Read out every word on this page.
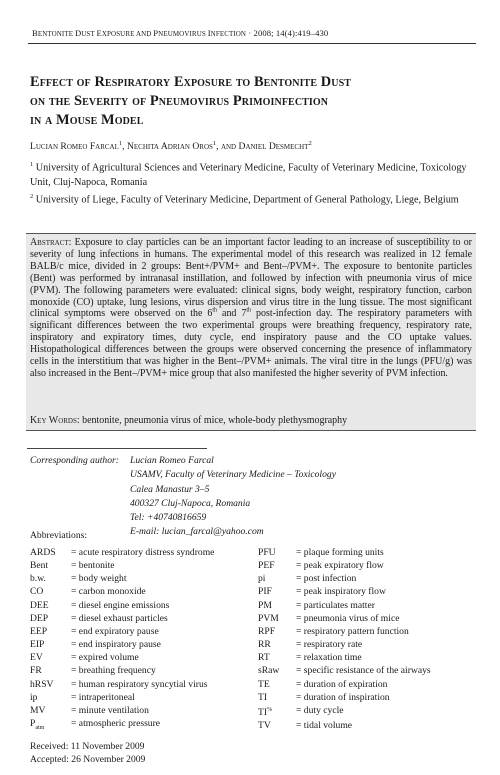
BENTONITE DUST EXPOSURE AND PNEUMOVIRUS INFECTION · 2008; 14(4):419–430
Effect of Respiratory Exposure to Bentonite Dust
on the Severity of Pneumovirus Primoinfection
in a Mouse Model
Lucian Romeo Farcal$^1$, Nechita Adrian Oros$^1$, and Daniel Desmecht$^2$
$^1$ University of Agricultural Sciences and Veterinary Medicine, Faculty of Veterinary Medicine, Toxicology Unit, Cluj-Napoca, Romania
$^2$ University of Liege, Faculty of Veterinary Medicine, Department of General Pathology, Liege, Belgium
Abstract: Exposure to clay particles can be an important factor leading to an increase of susceptibility to or severity of lung infections in humans. The experimental model of this research was realized in 12 female BALB/c mice, divided in 2 groups: Bent+/PVM+ and Bent–/PVM+. The exposure to bentonite particles (Bent) was performed by intranasal instillation, and followed by infection with pneumonia virus of mice (PVM). The following parameters were evaluated: clinical signs, body weight, respiratory function, carbon monoxide (CO) uptake, lung lesions, virus dispersion and virus titre in the lung tissue. The most significant clinical symptoms were observed on the 6th and 7th post-infection day. The respiratory parameters with significant differences between the two experimental groups were breathing frequency, respiratory rate, inspiratory and expiratory times, duty cycle, end inspiratory pause and the CO uptake values. Histopathological differences between the groups were observed concerning the presence of inflammatory cells in the interstitium that was higher in the Bent–/PVM+ animals. The viral titre in the lungs (PFU/g) was also increased in the Bent–/PVM+ mice group that also manifested the higher severity of PVM infection.
Key Words: bentonite, pneumonia virus of mice, whole-body plethysmography
Corresponding author: Lucian Romeo Farcal
USAMV, Faculty of Veterinary Medicine – Toxicology
Calea Manastur 3–5
400327 Cluj-Napoca, Romania
Tel: +40740816659
E-mail: lucian_farcal@yahoo.com
Abbreviations:
ARDS	= acute respiratory distress syndrome
Bent	= bentonite
b.w.	= body weight
CO	= carbon monoxide
DEE	= diesel engine emissions
DEP	= diesel exhaust particles
EEP	= end expiratory pause
EIP	= end inspiratory pause
EV	= expired volume
FR	= breathing frequency
hRSV	= human respiratory syncytial virus
ip	= intraperitoneal
MV	= minute ventilation
$P_{atm}$	= atmospheric pressure
PFU	= plaque forming units
PEF	= peak expiratory flow
pi	= post infection
PIF	= peak inspiratory flow
PM	= particulates matter
PVM	= pneumonia virus of mice
RPF	= respiratory pattern function
RR	= respiratory rate
RT	= relaxation time
sRaw	= specific resistance of the airways
TE	= duration of expiration
TI	= duration of inspiration
TI%	= duty cycle
TV	= tidal volume
Received: 11 November 2009
Accepted: 26 November 2009
